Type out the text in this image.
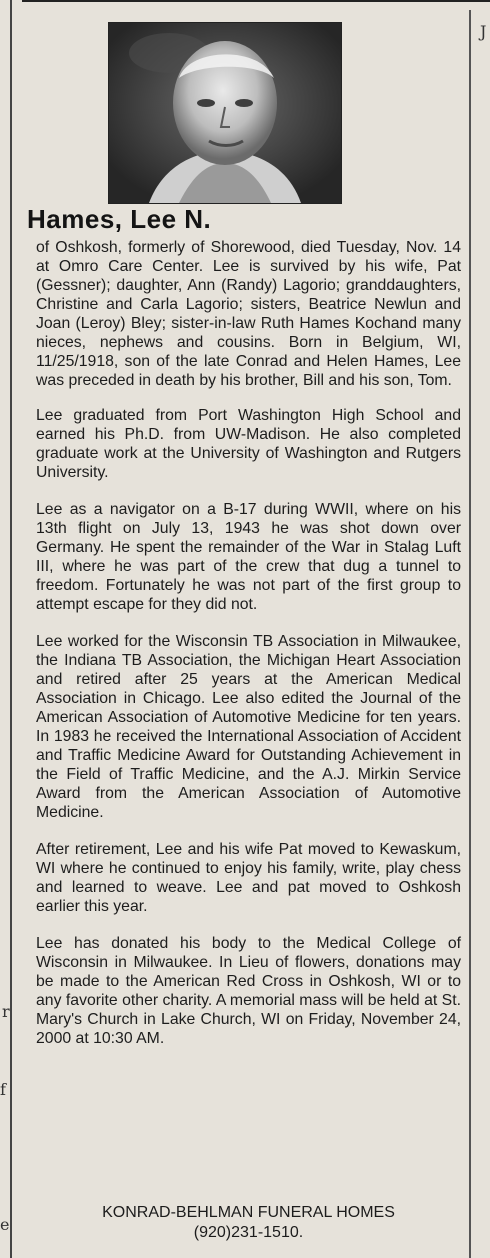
J
r
f
e
Hames, Lee N.

of Oshkosh, formerly of Shorewood, died Tuesday, Nov. 14 at Omro Care Center. Lee is survived by his wife, Pat (Gessner); daughter, Ann (Randy) Lagorio; granddaughters, Christine and Carla Lagorio; sisters, Beatrice Newlun and Joan (Leroy) Bley; sister-in-law Ruth Hames Kochand many nieces, nephews and cousins. Born in Belgium, WI, 11/25/1918, son of the late Conrad and Helen Hames, Lee was preceded in death by his brother, Bill and his son, Tom.

Lee graduated from Port Washington High School and earned his Ph.D. from UW-Madison. He also completed graduate work at the University of Washington and Rutgers University.

Lee as a navigator on a B-17 during WWII, where on his 13th flight on July 13, 1943 he was shot down over Germany. He spent the remainder of the War in Stalag Luft III, where he was part of the crew that dug a tunnel to freedom. Fortunately he was not part of the first group to attempt escape for they did not.

Lee worked for the Wisconsin TB Association in Milwaukee, the Indiana TB Association, the Michigan Heart Association and retired after 25 years at the American Medical Association in Chicago. Lee also edited the Journal of the American Association of Automotive Medicine for ten years. In 1983 he received the International Association of Accident and Traffic Medicine Award for Outstanding Achievement in the Field of Traffic Medicine, and the A.J. Mirkin Service Award from the American Association of Automotive Medicine.

After retirement, Lee and his wife Pat moved to Kewaskum, WI where he continued to enjoy his family, write, play chess and learned to weave. Lee and pat moved to Oshkosh earlier this year.

Lee has donated his body to the Medical College of Wisconsin in Milwaukee. In Lieu of flowers, donations may be made to the American Red Cross in Oshkosh, WI or to any favorite other charity. A memorial mass will be held at St. Mary's Church in Lake Church, WI on Friday, November 24, 2000 at 10:30 AM.

KONRAD-BEHLMAN FUNERAL HOMES
(920)231-1510.
